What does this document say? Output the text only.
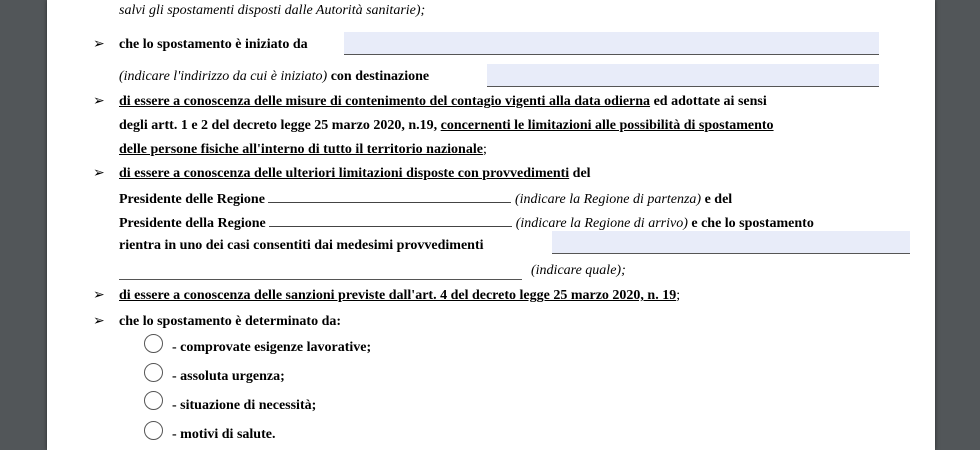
salvi gli spostamenti disposti dalle Autorità sanitarie);
➢ che lo spostamento è iniziato da
(indicare l'indirizzo da cui è iniziato) con destinazione
➢ di essere a conoscenza delle misure di contenimento del contagio vigenti alla data odierna ed adottate ai sensi
degli artt. 1 e 2 del decreto legge 25 marzo 2020, n.19, concernenti le limitazioni alle possibilità di spostamento
delle persone fisiche all'interno di tutto il territorio nazionale;
➢ di essere a conoscenza delle ulteriori limitazioni disposte con provvedimenti del
Presidente delle Regione	(indicare la Regione di partenza) e del
Presidente della Regione	(indicare la Regione di arrivo) e che lo spostamento
rientra in uno dei casi consentiti dai medesimi provvedimenti
(indicare quale);
➢ di essere a conoscenza delle sanzioni previste dall'art. 4 del decreto legge 25 marzo 2020, n. 19;
➢ che lo spostamento è determinato da:
- comprovate esigenze lavorative;
- assoluta urgenza;
- situazione di necessità;
- motivi di salute.
